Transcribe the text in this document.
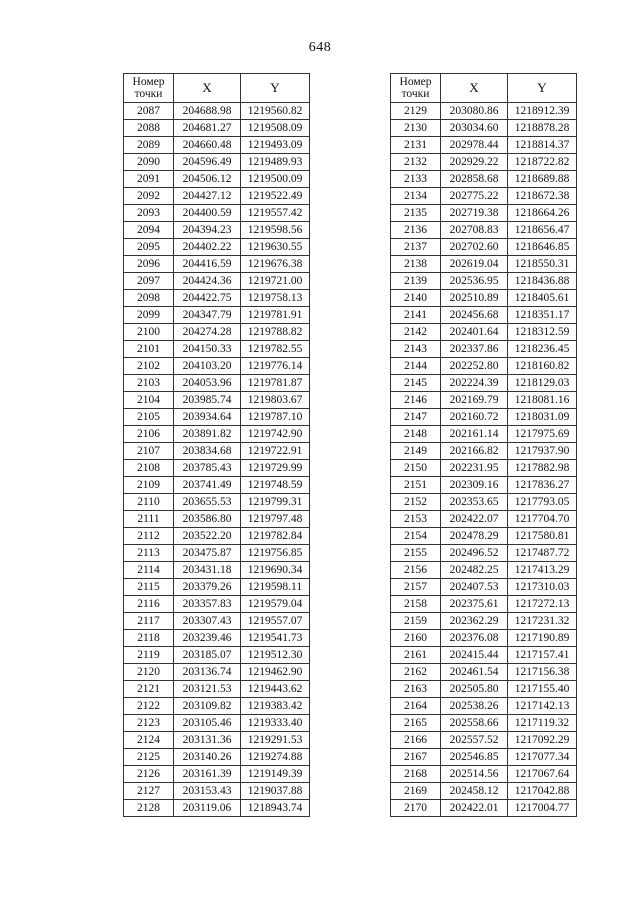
648
Номер
точки	X	Y
2087	204688.98	1219560.82
2088	204681.27	1219508.09
2089	204660.48	1219493.09
2090	204596.49	1219489.93
2091	204506.12	1219500.09
2092	204427.12	1219522.49
2093	204400.59	1219557.42
2094	204394.23	1219598.56
2095	204402.22	1219630.55
2096	204416.59	1219676.38
2097	204424.36	1219721.00
2098	204422.75	1219758.13
2099	204347.79	1219781.91
2100	204274.28	1219788.82
2101	204150.33	1219782.55
2102	204103.20	1219776.14
2103	204053.96	1219781.87
2104	203985.74	1219803.67
2105	203934.64	1219787.10
2106	203891.82	1219742.90
2107	203834.68	1219722.91
2108	203785.43	1219729.99
2109	203741.49	1219748.59
2110	203655.53	1219799.31
2111	203586.80	1219797.48
2112	203522.20	1219782.84
2113	203475.87	1219756.85
2114	203431.18	1219690.34
2115	203379.26	1219598.11
2116	203357.83	1219579.04
2117	203307.43	1219557.07
2118	203239.46	1219541.73
2119	203185.07	1219512.30
2120	203136.74	1219462.90
2121	203121.53	1219443.62
2122	203109.82	1219383.42
2123	203105.46	1219333.40
2124	203131.36	1219291.53
2125	203140.26	1219274.88
2126	203161.39	1219149.39
2127	203153.43	1219037.88
2128	203119.06	1218943.74
Номер
точки	X	Y
2129	203080.86	1218912.39
2130	203034.60	1218878.28
2131	202978.44	1218814.37
2132	202929.22	1218722.82
2133	202858.68	1218689.88
2134	202775.22	1218672.38
2135	202719.38	1218664.26
2136	202708.83	1218656.47
2137	202702.60	1218646.85
2138	202619.04	1218550.31
2139	202536.95	1218436.88
2140	202510.89	1218405.61
2141	202456.68	1218351.17
2142	202401.64	1218312.59
2143	202337.86	1218236.45
2144	202252.80	1218160.82
2145	202224.39	1218129.03
2146	202169.79	1218081.16
2147	202160.72	1218031.09
2148	202161.14	1217975.69
2149	202166.82	1217937.90
2150	202231.95	1217882.98
2151	202309.16	1217836.27
2152	202353.65	1217793.05
2153	202422.07	1217704.70
2154	202478.29	1217580.81
2155	202496.52	1217487.72
2156	202482.25	1217413.29
2157	202407.53	1217310.03
2158	202375.61	1217272.13
2159	202362.29	1217231.32
2160	202376.08	1217190.89
2161	202415.44	1217157.41
2162	202461.54	1217156.38
2163	202505.80	1217155.40
2164	202538.26	1217142.13
2165	202558.66	1217119.32
2166	202557.52	1217092.29
2167	202546.85	1217077.34
2168	202514.56	1217067.64
2169	202458.12	1217042.88
2170	202422.01	1217004.77
